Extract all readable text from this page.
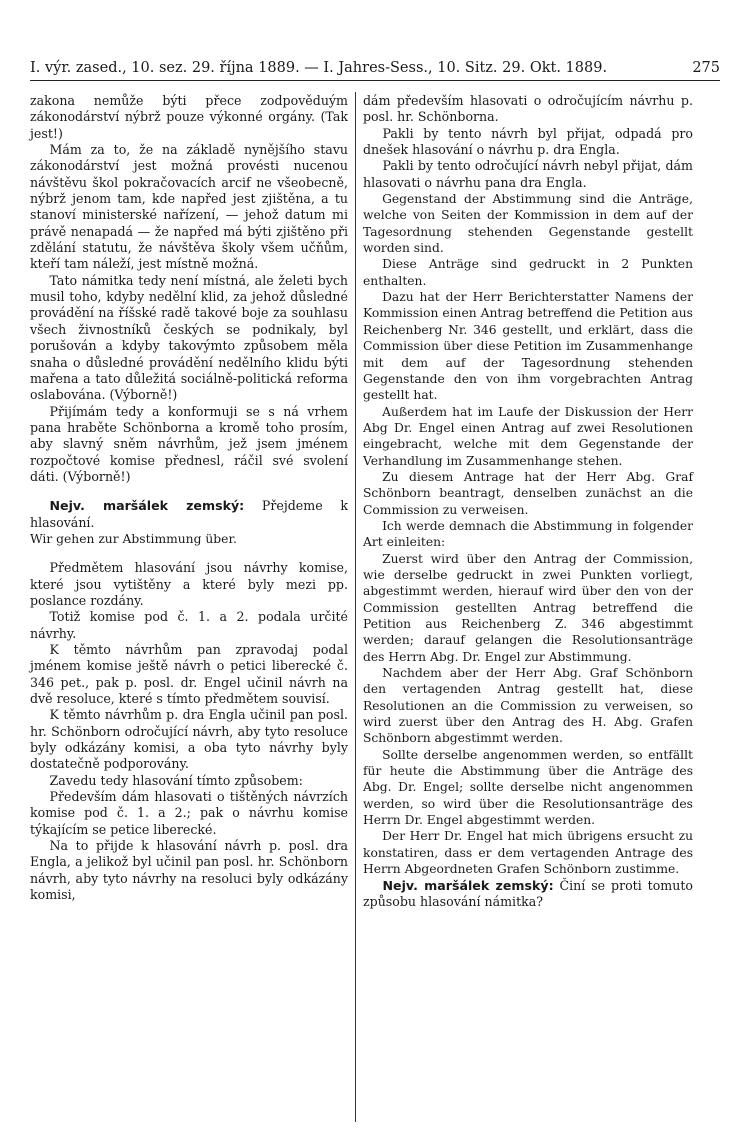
I. výr. zased., 10. sez. 29. října 1889. — I. Jahres-Sess., 10. Sitz. 29. Okt. 1889.	275

zakona nemůže býti přece zodpověduým zákonodárství nýbrž pouze výkonné orgány. (Tak jest!)

Mám za to, že na základě nynějšího stavu zákonodárství jest možná provésti nucenou návštěvu škol pokračovacích arcif ne všeobecně, nýbrž jenom tam, kde napřed jest zjištěna, a tu stanoví ministerské nařízení, — jehož datum mi právě nenapadá — že napřed má býti zjištěno při zdělání statutu, že návštěva školy všem učňům, kteří tam náleží, jest místně možná.

Tato námitka tedy není místná, ale želeti bych musil toho, kdyby nedělní klid, za jehož důsledné provádění na říšské radě takové boje za souhlasu všech živnostníků českých se podnikaly, byl porušován a kdyby takovýmto způsobem měla snaha o důsledné provádění nedělního klidu býti mařena a tato důležitá sociálně-politická reforma oslabována. (Výborně!)

Přijímám tedy a konformuji se s ná vrhem pana hraběte Schönborna a kromě toho prosím, aby slavný sněm návrhům, jež jsem jménem rozpočtové komise přednesl, ráčil své svolení dáti. (Výborně!)

Nejv. maršálek zemský: Přejdeme k hlasování.

Wir gehen zur Abstimmung über.

Předmětem hlasování jsou návrhy komise, které jsou vytištěny a které byly mezi pp. poslance rozdány.

Totiž komise pod č. 1. a 2. podala určité návrhy.

K těmto návrhům pan zpravodaj podal jménem komise ještě návrh o petici liberecké č. 346 pet., pak p. posl. dr. Engel učinil návrh na dvě resoluce, které s tímto předmětem souvisí.

K těmto návrhům p. dra Engla učinil pan posl. hr. Schönborn odročující návrh, aby tyto resoluce byly odkázány komisi, a oba tyto návrhy byly dostatečně podporovány.

Zavedu tedy hlasování tímto způsobem:

Především dám hlasovati o tištěných návrzích komise pod č. 1. a 2.; pak o návrhu komise týkajícím se petice liberecké.

Na to přijde k hlasování návrh p. posl. dra Engla, a jelikož byl učinil pan posl. hr. Schönborn návrh, aby tyto návrhy na resoluci byly odkázány komisi,

dám především hlasovati o odročujícím návrhu p. posl. hr. Schönborna.

Pakli by tento návrh byl přijat, odpadá pro dnešek hlasování o návrhu p. dra Engla.

Pakli by tento odročující návrh nebyl přijat, dám hlasovati o návrhu pana dra Engla.

Gegenstand der Abstimmung sind die Anträge, welche von Seiten der Kommission in dem auf der Tagesordnung stehenden Gegenstande gestellt worden sind.

Diese Anträge sind gedruckt in 2 Punkten enthalten.

Dazu hat der Herr Berichterstatter Namens der Kommission einen Antrag betreffend die Petition aus Reichenberg Nr. 346 gestellt, und erklärt, dass die Commission über diese Petition im Zusammenhange mit dem auf der Tagesordnung stehenden Gegenstande den von ihm vorgebrachten Antrag gestellt hat.

Außerdem hat im Laufe der Diskussion der Herr Abg Dr. Engel einen Antrag auf zwei Resolutionen eingebracht, welche mit dem Gegenstande der Verhandlung im Zusammenhange stehen.

Zu diesem Antrage hat der Herr Abg. Graf Schönborn beantragt, denselben zunächst an die Commission zu verweisen.

Ich werde demnach die Abstimmung in folgender Art einleiten:

Zuerst wird über den Antrag der Commission, wie derselbe gedruckt in zwei Punkten vorliegt, abgestimmt werden, hierauf wird über den von der Commission gestellten Antrag betreffend die Petition aus Reichenberg Z. 346 abgestimmt werden; darauf gelangen die Resolutionsanträge des Herrn Abg. Dr. Engel zur Abstimmung.

Nachdem aber der Herr Abg. Graf Schönborn den vertagenden Antrag gestellt hat, diese Resolutionen an die Commission zu verweisen, so wird zuerst über den Antrag des H. Abg. Grafen Schönborn abgestimmt werden.

Sollte derselbe angenommen werden, so entfällt für heute die Abstimmung über die Anträge des Abg. Dr. Engel; sollte derselbe nicht angenommen werden, so wird über die Resolutionsanträge des Herrn Dr. Engel abgestimmt werden.

Der Herr Dr. Engel hat mich übrigens ersucht zu konstatiren, dass er dem vertagenden Antrage des Herrn Abgeordneten Grafen Schönborn zustimme.

Nejv. maršálek zemský: Činí se proti tomuto způsobu hlasování námitka?
